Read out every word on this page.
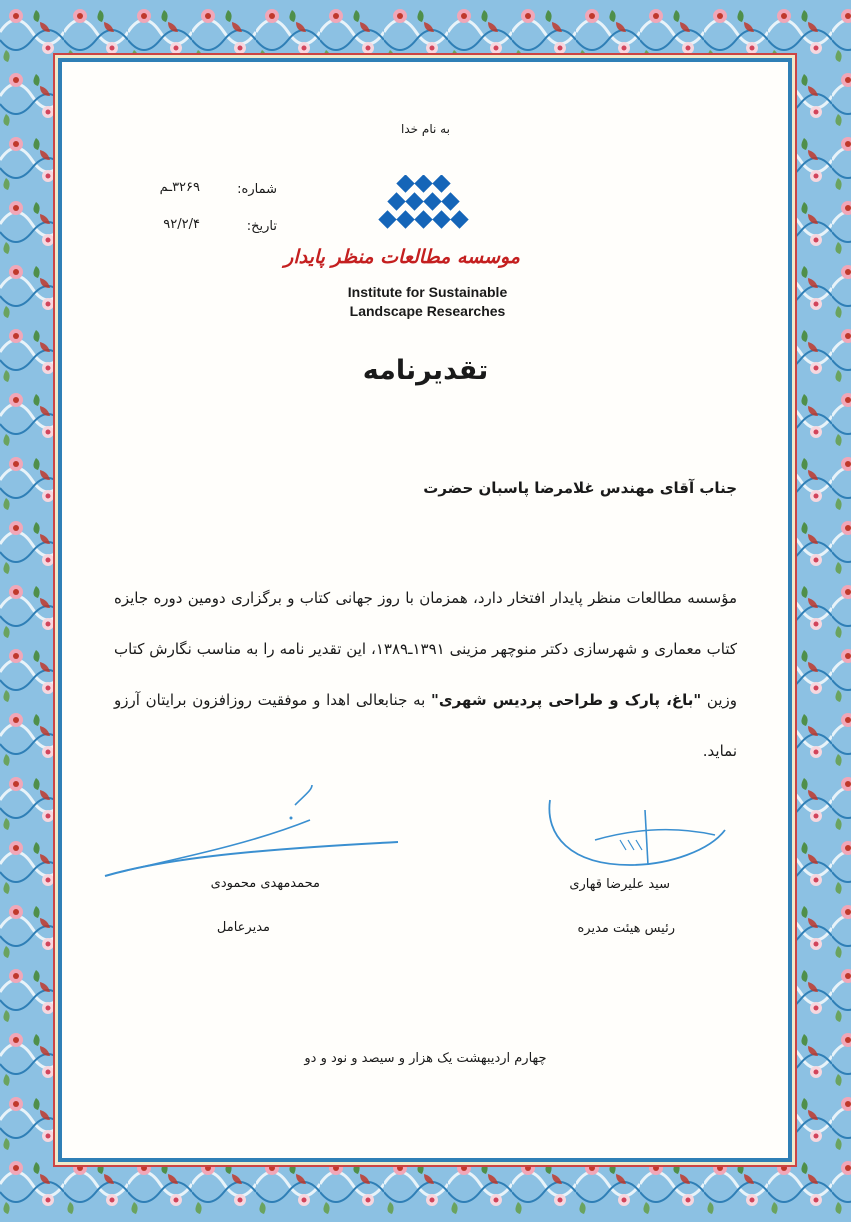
به نام خدا
شماره:
۳۲۶۹ـم
تاریخ:
۹۲/۲/۴
موسسه مطالعات منظر پایدار
Institute for Sustainable
Landscape Researches
تقدیرنامه
جناب آقای مهندس غلامرضا پاسبان حضرت
مؤسسه مطالعات منظر پایدار افتخار دارد، همزمان با روز جهانی کتاب و برگزاری دومین دوره جایزه کتاب معماری و شهرسازی دکتر منوچهر مزینی ۱۳۹۱ـ۱۳۸۹، این تقدیر نامه را به مناسب نگارش کتاب وزین "باغ، پارک و طراحی پردیس شهری" به جنابعالی اهدا و موفقیت روزافزون برایتان آرزو نماید.
محمدمهدی محمودی
مدیرعامل
سید علیرضا قهاری
رئیس هیئت مدیره
چهارم اردیبهشت یک هزار و سیصد و نود و دو
